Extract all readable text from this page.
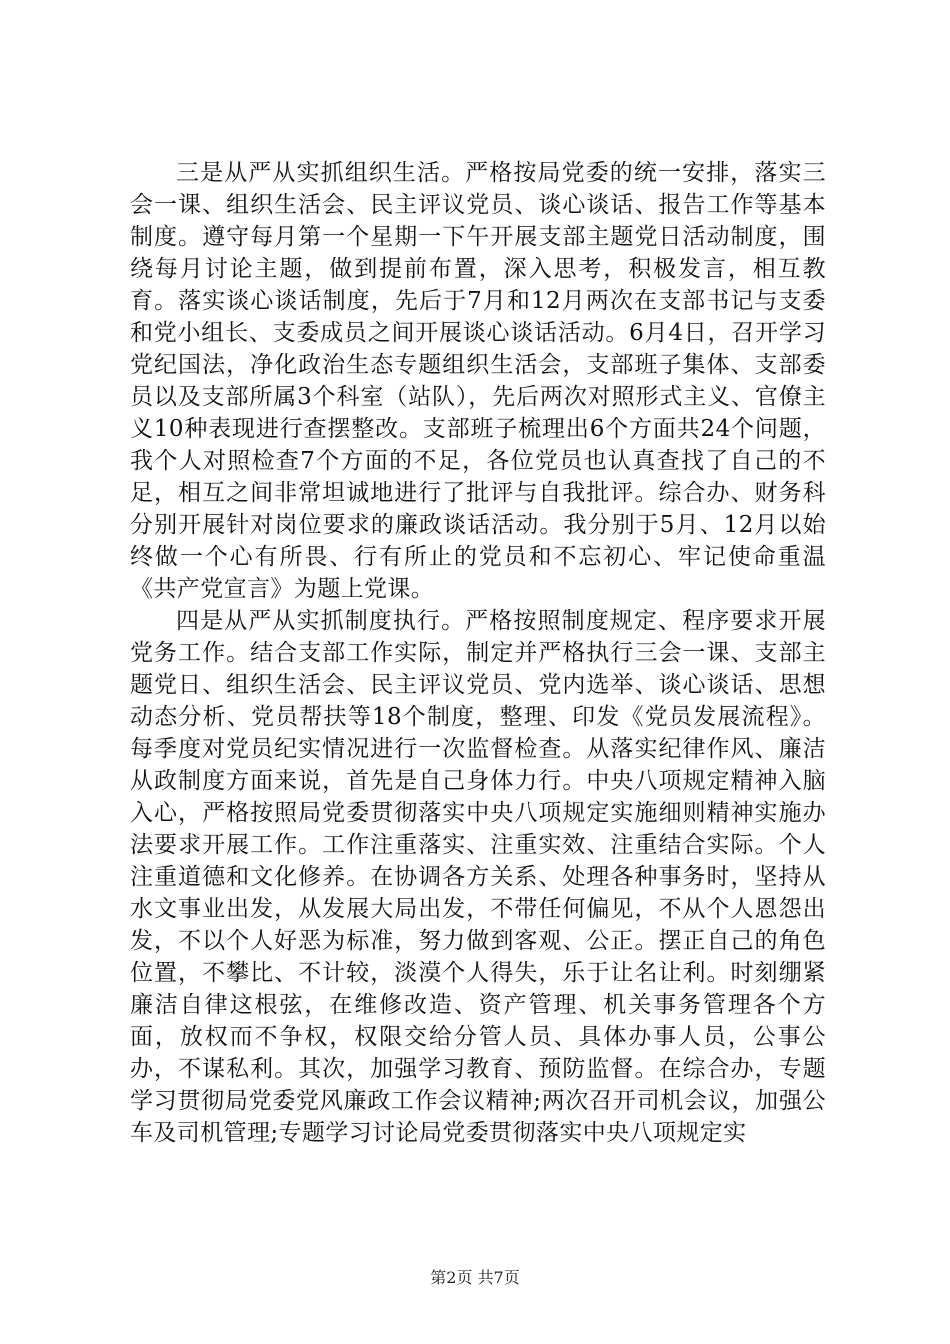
三是从严从实抓组织生活。严格按局党委的统一安排，落实三会一课、组织生活会、民主评议党员、谈心谈话、报告工作等基本制度。遵守每月第一个星期一下午开展支部主题党日活动制度，围绕每月讨论主题，做到提前布置，深入思考，积极发言，相互教育。落实谈心谈话制度，先后于7月和12月两次在支部书记与支委和党小组长、支委成员之间开展谈心谈话活动。6月4日，召开学习党纪国法，净化政治生态专题组织生活会，支部班子集体、支部委员以及支部所属3个科室（站队），先后两次对照形式主义、官僚主义10种表现进行查摆整改。支部班子梳理出6个方面共24个问题，我个人对照检查7个方面的不足，各位党员也认真查找了自己的不足，相互之间非常坦诚地进行了批评与自我批评。综合办、财务科分别开展针对岗位要求的廉政谈话活动。我分别于5月、12月以始终做一个心有所畏、行有所止的党员和不忘初心、牢记使命重温《共产党宣言》为题上党课。

四是从严从实抓制度执行。严格按照制度规定、程序要求开展党务工作。结合支部工作实际，制定并严格执行三会一课、支部主题党日、组织生活会、民主评议党员、党内选举、谈心谈话、思想动态分析、党员帮扶等18个制度，整理、印发《党员发展流程》。每季度对党员纪实情况进行一次监督检查。从落实纪律作风、廉洁从政制度方面来说，首先是自己身体力行。中央八项规定精神入脑入心，严格按照局党委贯彻落实中央八项规定实施细则精神实施办法要求开展工作。工作注重落实、注重实效、注重结合实际。个人注重道德和文化修养。在协调各方关系、处理各种事务时，坚持从水文事业出发，从发展大局出发，不带任何偏见，不从个人恩怨出发，不以个人好恶为标准，努力做到客观、公正。摆正自己的角色位置，不攀比、不计较，淡漠个人得失，乐于让名让利。时刻绷紧廉洁自律这根弦，在维修改造、资产管理、机关事务管理各个方面，放权而不争权，权限交给分管人员、具体办事人员，公事公办，不谋私利。其次，加强学习教育、预防监督。在综合办，专题学习贯彻局党委党风廉政工作会议精神;两次召开司机会议，加强公车及司机管理;专题学习讨论局党委贯彻落实中央八项规定实

第2页 共7页
